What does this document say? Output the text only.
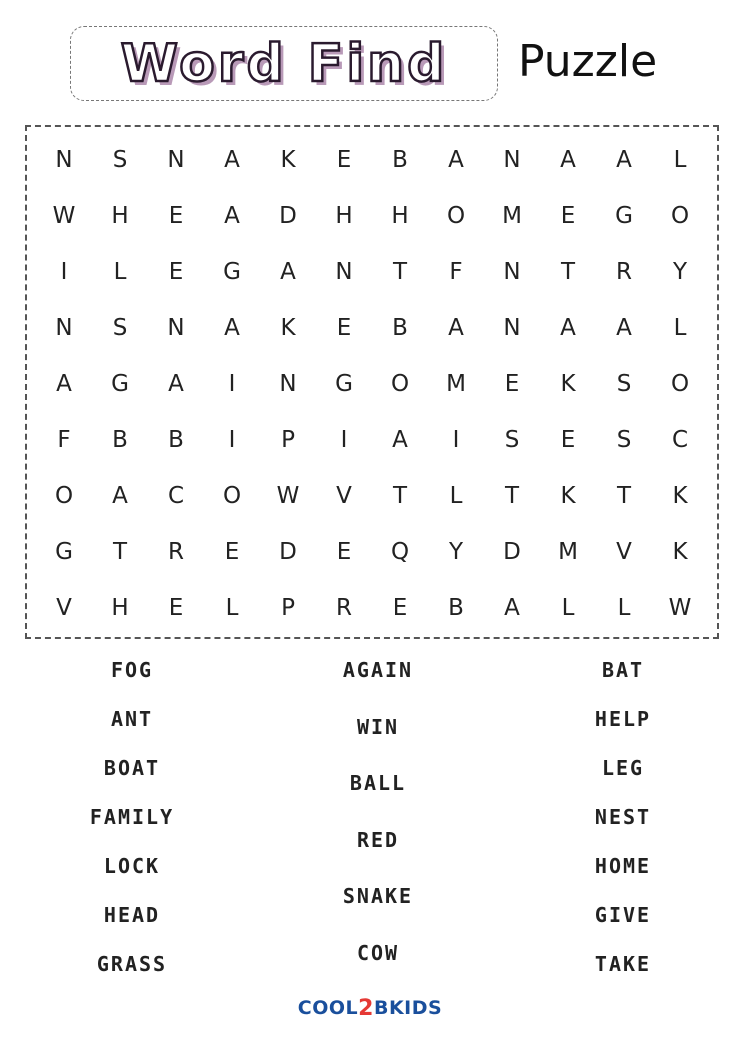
Word Find Puzzle
N	S	N	A	K	E	B	A	N	A	A	L
W	H	E	A	D	H	H	O	M	E	G	O
I	L	E	G	A	N	T	F	N	T	R	Y
N	S	N	A	K	E	B	A	N	A	A	L
A	G	A	I	N	G	O	M	E	K	S	O
F	B	B	I	P	I	A	I	S	E	S	C
O	A	C	O	W	V	T	L	T	K	T	K
G	T	R	E	D	E	Q	Y	D	M	V	K
V	H	E	L	P	R	E	B	A	L	L	W
FOG
ANT
BOAT
FAMILY
LOCK
HEAD
GRASS
AGAIN
WIN
BALL
RED
SNAKE
COW
BAT
HELP
LEG
NEST
HOME
GIVE
TAKE
COOL 2 BKIDS
